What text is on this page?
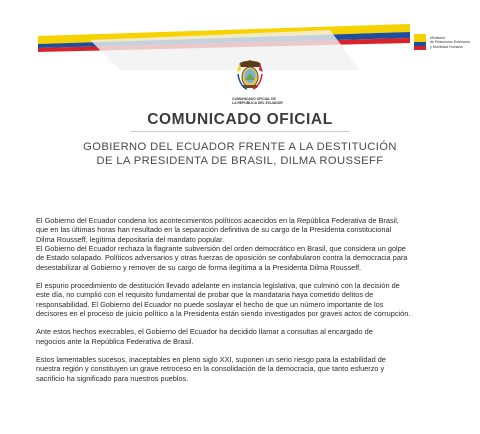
Ministerio
de Relaciones Exteriores
y Movilidad Humana
COMUNICADO OFICIAL DE
LA REPÚBLICA DEL ECUADOR
COMUNICADO OFICIAL
GOBIERNO DEL ECUADOR FRENTE A LA DESTITUCIÓN
DE LA PRESIDENTA DE BRASIL, DILMA ROUSSEFF

El Gobierno del Ecuador condena los acontecimientos políticos acaecidos en la República Federativa de Brasil,
que en las últimas horas han resultado en la separación definitiva de su cargo de la Presidenta constitucional
Dilma Rousseff, legítima depositaria del mandato popular.

El Gobierno del Ecuador rechaza la flagrante subversión del orden democrático en Brasil, que considera un golpe
de Estado solapado. Políticos adversarios y otras fuerzas de oposición se confabularon contra la democracia para
desestabilizar al Gobierno y remover de su cargo de forma ilegítima a la Presidenta Dilma Rousseff.

El espurio procedimiento de destitución llevado adelante en instancia legislativa, que culminó con la decisión de
este día, no cumplió con el requisito fundamental de probar que la mandataria haya cometido delitos de
responsabilidad. El Gobierno del Ecuador no puede soslayar el hecho de que un número importante de los
decisores en el proceso de juicio político a la Presidenta están siendo investigados por graves actos de corrupción.

Ante estos hechos execrables, el Gobierno del Ecuador ha decidido llamar a consultas al encargado de
negocios ante la República Federativa de Brasil.

Estos lamentables sucesos, inaceptables en pleno siglo XXI, suponen un serio riesgo para la estabilidad de
nuestra región y constituyen un grave retroceso en la consolidación de la democracia, que tanto esfuerzo y
sacrificio ha significado para nuestros pueblos.
